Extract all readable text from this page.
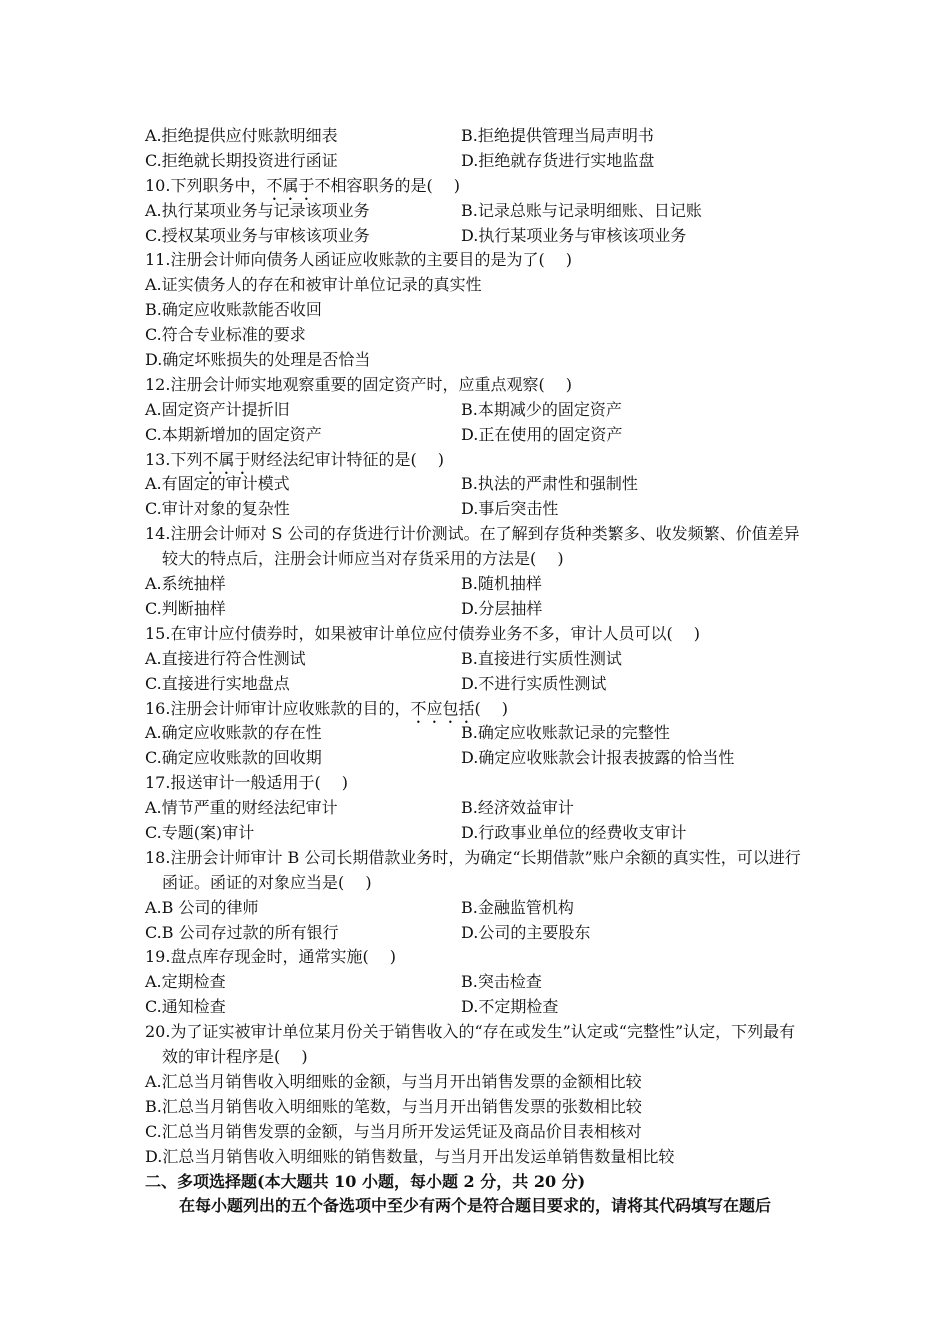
A.拒绝提供应付账款明细表	B.拒绝提供管理当局声明书
C.拒绝就长期投资进行函证	D.拒绝就存货进行实地监盘
10.下列职务中，不属于不相容职务的是(　 )
A.执行某项业务与记录该项业务	B.记录总账与记录明细账、日记账
C.授权某项业务与审核该项业务	D.执行某项业务与审核该项业务
11.注册会计师向债务人函证应收账款的主要目的是为了(　 )
A.证实债务人的存在和被审计单位记录的真实性
B.确定应收账款能否收回
C.符合专业标准的要求
D.确定坏账损失的处理是否恰当
12.注册会计师实地观察重要的固定资产时，应重点观察(　 )
A.固定资产计提折旧	B.本期减少的固定资产
C.本期新增加的固定资产	D.正在使用的固定资产
13.下列不属于财经法纪审计特征的是(　 )
A.有固定的审计模式	B.执法的严肃性和强制性
C.审计对象的复杂性	D.事后突击性
14.注册会计师对 S 公司的存货进行计价测试。在了解到存货种类繁多、收发频繁、价值差异较大的特点后，注册会计师应当对存货采用的方法是(　 )
A.系统抽样	B.随机抽样
C.判断抽样	D.分层抽样
15.在审计应付债券时，如果被审计单位应付债券业务不多，审计人员可以(　 )
A.直接进行符合性测试	B.直接进行实质性测试
C.直接进行实地盘点	D.不进行实质性测试
16.注册会计师审计应收账款的目的，不应包括(　 )
A.确定应收账款的存在性	B.确定应收账款记录的完整性
C.确定应收账款的回收期	D.确定应收账款会计报表披露的恰当性
17.报送审计一般适用于(　 )
A.情节严重的财经法纪审计	B.经济效益审计
C.专题(案)审计	D.行政事业单位的经费收支审计
18.注册会计师审计 B 公司长期借款业务时，为确定“长期借款”账户余额的真实性，可以进行函证。函证的对象应当是(　 )
A.B 公司的律师	B.金融监管机构
C.B 公司存过款的所有银行	D.公司的主要股东
19.盘点库存现金时，通常实施(　 )
A.定期检查	B.突击检查
C.通知检查	D.不定期检查
20.为了证实被审计单位某月份关于销售收入的“存在或发生”认定或“完整性”认定，下列最有效的审计程序是(　 )
A.汇总当月销售收入明细账的金额，与当月开出销售发票的金额相比较
B.汇总当月销售收入明细账的笔数，与当月开出销售发票的张数相比较
C.汇总当月销售发票的金额，与当月所开发运凭证及商品价目表相核对
D.汇总当月销售收入明细账的销售数量，与当月开出发运单销售数量相比较
二、多项选择题(本大题共 10 小题，每小题 2 分，共 20 分)
在每小题列出的五个备选项中至少有两个是符合题目要求的，请将其代码填写在题后
